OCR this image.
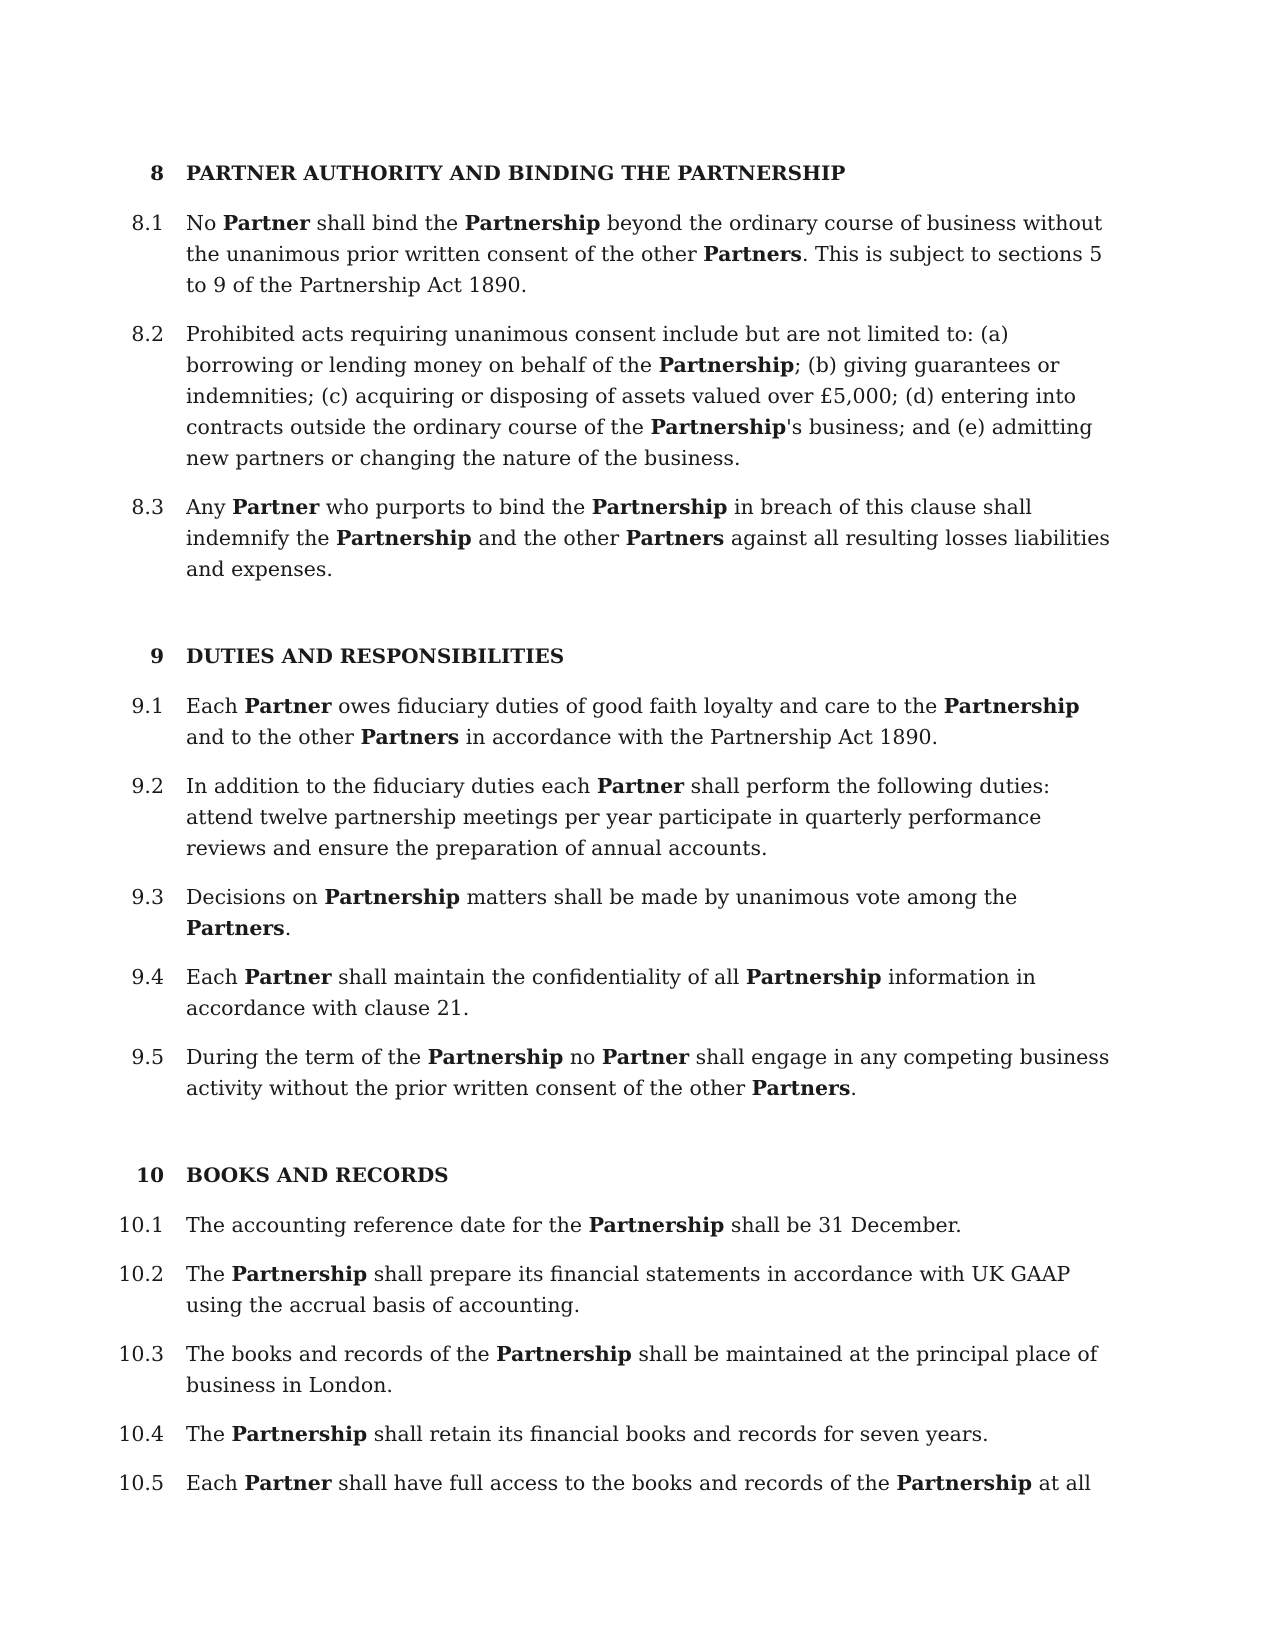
8	PARTNER AUTHORITY AND BINDING THE PARTNERSHIP
8.1	No Partner shall bind the Partnership beyond the ordinary course of business without the unanimous prior written consent of the other Partners. This is subject to sections 5 to 9 of the Partnership Act 1890.
8.2	Prohibited acts requiring unanimous consent include but are not limited to: (a) borrowing or lending money on behalf of the Partnership; (b) giving guarantees or indemnities; (c) acquiring or disposing of assets valued over £5,000; (d) entering into contracts outside the ordinary course of the Partnership's business; and (e) admitting new partners or changing the nature of the business.
8.3	Any Partner who purports to bind the Partnership in breach of this clause shall indemnify the Partnership and the other Partners against all resulting losses liabilities and expenses.
9	DUTIES AND RESPONSIBILITIES
9.1	Each Partner owes fiduciary duties of good faith loyalty and care to the Partnership and to the other Partners in accordance with the Partnership Act 1890.
9.2	In addition to the fiduciary duties each Partner shall perform the following duties: attend twelve partnership meetings per year participate in quarterly performance reviews and ensure the preparation of annual accounts.
9.3	Decisions on Partnership matters shall be made by unanimous vote among the Partners.
9.4	Each Partner shall maintain the confidentiality of all Partnership information in accordance with clause 21.
9.5	During the term of the Partnership no Partner shall engage in any competing business activity without the prior written consent of the other Partners.
10	BOOKS AND RECORDS
10.1	The accounting reference date for the Partnership shall be 31 December.
10.2	The Partnership shall prepare its financial statements in accordance with UK GAAP using the accrual basis of accounting.
10.3	The books and records of the Partnership shall be maintained at the principal place of business in London.
10.4	The Partnership shall retain its financial books and records for seven years.
10.5	Each Partner shall have full access to the books and records of the Partnership at all
